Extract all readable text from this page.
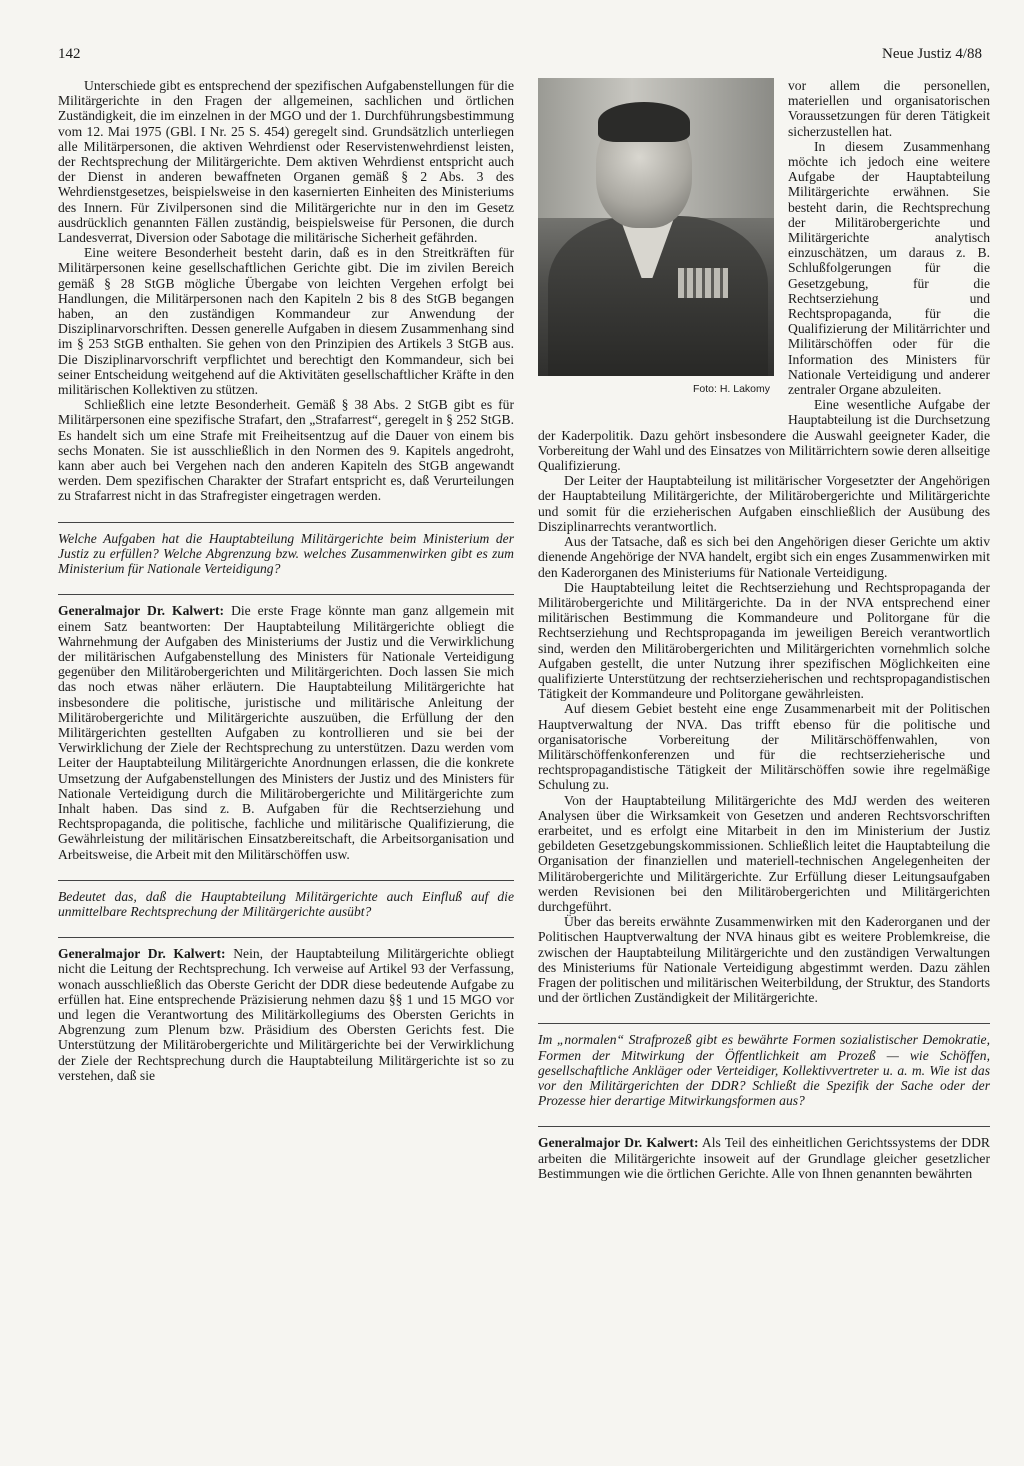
142	Neue Justiz 4/88

Unterschiede gibt es entsprechend der spezifischen Aufgabenstellungen für die Militärgerichte in den Fragen der allgemeinen, sachlichen und örtlichen Zuständigkeit, die im einzelnen in der MGO und der 1. Durchführungsbestimmung vom 12. Mai 1975 (GBl. I Nr. 25 S. 454) geregelt sind. Grundsätzlich unterliegen alle Militärpersonen, die aktiven Wehrdienst oder Reservistenwehrdienst leisten, der Rechtsprechung der Militärgerichte. Dem aktiven Wehrdienst entspricht auch der Dienst in anderen bewaffneten Organen gemäß § 2 Abs. 3 des Wehrdienstgesetzes, beispielsweise in den kasernierten Einheiten des Ministeriums des Innern. Für Zivilpersonen sind die Militärgerichte nur in den im Gesetz ausdrücklich genannten Fällen zuständig, beispielsweise für Personen, die durch Landesverrat, Diversion oder Sabotage die militärische Sicherheit gefährden.

Eine weitere Besonderheit besteht darin, daß es in den Streitkräften für Militärpersonen keine gesellschaftlichen Gerichte gibt. Die im zivilen Bereich gemäß § 28 StGB mögliche Übergabe von leichten Vergehen erfolgt bei Handlungen, die Militärpersonen nach den Kapiteln 2 bis 8 des StGB begangen haben, an den zuständigen Kommandeur zur Anwendung der Disziplinarvorschriften. Dessen generelle Aufgaben in diesem Zusammenhang sind im § 253 StGB enthalten. Sie gehen von den Prinzipien des Artikels 3 StGB aus. Die Disziplinarvorschrift verpflichtet und berechtigt den Kommandeur, sich bei seiner Entscheidung weitgehend auf die Aktivitäten gesellschaftlicher Kräfte in den militärischen Kollektiven zu stützen.

Schließlich eine letzte Besonderheit. Gemäß § 38 Abs. 2 StGB gibt es für Militärpersonen eine spezifische Strafart, den „Strafarrest“, geregelt in § 252 StGB. Es handelt sich um eine Strafe mit Freiheitsentzug auf die Dauer von einem bis sechs Monaten. Sie ist ausschließlich in den Normen des 9. Kapitels angedroht, kann aber auch bei Vergehen nach den anderen Kapiteln des StGB angewandt werden. Dem spezifischen Charakter der Strafart entspricht es, daß Verurteilungen zu Strafarrest nicht in das Strafregister eingetragen werden.

Welche Aufgaben hat die Hauptabteilung Militärgerichte beim Ministerium der Justiz zu erfüllen? Welche Abgrenzung bzw. welches Zusammenwirken gibt es zum Ministerium für Nationale Verteidigung?

Generalmajor Dr. Kalwert: Die erste Frage könnte man ganz allgemein mit einem Satz beantworten: Der Hauptabteilung Militärgerichte obliegt die Wahrnehmung der Aufgaben des Ministeriums der Justiz und die Verwirklichung der militärischen Aufgabenstellung des Ministers für Nationale Verteidigung gegenüber den Militärobergerichten und Militärgerichten. Doch lassen Sie mich das noch etwas näher erläutern. Die Hauptabteilung Militärgerichte hat insbesondere die politische, juristische und militärische Anleitung der Militärobergerichte und Militärgerichte auszuüben, die Erfüllung der den Militärgerichten gestellten Aufgaben zu kontrollieren und sie bei der Verwirklichung der Ziele der Rechtsprechung zu unterstützen. Dazu werden vom Leiter der Hauptabteilung Militärgerichte Anordnungen erlassen, die die konkrete Umsetzung der Aufgabenstellungen des Ministers der Justiz und des Ministers für Nationale Verteidigung durch die Militärobergerichte und Militärgerichte zum Inhalt haben. Das sind z. B. Aufgaben für die Rechtserziehung und Rechtspropaganda, die politische, fachliche und militärische Qualifizierung, die Gewährleistung der militärischen Einsatzbereitschaft, die Arbeitsorganisation und Arbeitsweise, die Arbeit mit den Militärschöffen usw.

Bedeutet das, daß die Hauptabteilung Militärgerichte auch Einfluß auf die unmittelbare Rechtsprechung der Militärgerichte ausübt?

Generalmajor Dr. Kalwert: Nein, der Hauptabteilung Militärgerichte obliegt nicht die Leitung der Rechtsprechung. Ich verweise auf Artikel 93 der Verfassung, wonach ausschließlich das Oberste Gericht der DDR diese bedeutende Aufgabe zu erfüllen hat. Eine entsprechende Präzisierung nehmen dazu §§ 1 und 15 MGO vor und legen die Verantwortung des Militärkollegiums des Obersten Gerichts in Abgrenzung zum Plenum bzw. Präsidium des Obersten Gerichts fest. Die Unterstützung der Militärobergerichte und Militärgerichte bei der Verwirklichung der Ziele der Rechtsprechung durch die Hauptabteilung Militärgerichte ist so zu verstehen, daß sie

Foto: H. Lakomy

vor allem die personellen, materiellen und organisatorischen Voraussetzungen für deren Tätigkeit sicherzustellen hat.

In diesem Zusammenhang möchte ich jedoch eine weitere Aufgabe der Hauptabteilung Militärgerichte erwähnen. Sie besteht darin, die Rechtsprechung der Militärobergerichte und Militärgerichte analytisch einzuschätzen, um daraus z. B. Schlußfolgerungen für die Gesetzgebung, für die Rechtserziehung und Rechtspropaganda, für die Qualifizierung der Militärrichter und Militärschöffen oder für die Information des Ministers für Nationale Verteidigung und anderer zentraler Organe abzuleiten.

Eine wesentliche Aufgabe der Hauptabteilung ist die Durchsetzung der Kaderpolitik. Dazu gehört insbesondere die Auswahl geeigneter Kader, die Vorbereitung der Wahl und des Einsatzes von Militärrichtern sowie deren allseitige Qualifizierung.

Der Leiter der Hauptabteilung ist militärischer Vorgesetzter der Angehörigen der Hauptabteilung Militärgerichte, der Militärobergerichte und Militärgerichte und somit für die erzieherischen Aufgaben einschließlich der Ausübung des Disziplinarrechts verantwortlich.

Aus der Tatsache, daß es sich bei den Angehörigen dieser Gerichte um aktiv dienende Angehörige der NVA handelt, ergibt sich ein enges Zusammenwirken mit den Kaderorganen des Ministeriums für Nationale Verteidigung.

Die Hauptabteilung leitet die Rechtserziehung und Rechtspropaganda der Militärobergerichte und Militärgerichte. Da in der NVA entsprechend einer militärischen Bestimmung die Kommandeure und Politorgane für die Rechtserziehung und Rechtspropaganda im jeweiligen Bereich verantwortlich sind, werden den Militärobergerichten und Militärgerichten vornehmlich solche Aufgaben gestellt, die unter Nutzung ihrer spezifischen Möglichkeiten eine qualifizierte Unterstützung der rechtserzieherischen und rechtspropagandistischen Tätigkeit der Kommandeure und Politorgane gewährleisten.

Auf diesem Gebiet besteht eine enge Zusammenarbeit mit der Politischen Hauptverwaltung der NVA. Das trifft ebenso für die politische und organisatorische Vorbereitung der Militärschöffenwahlen, von Militärschöffenkonferenzen und für die rechtserzieherische und rechtspropagandistische Tätigkeit der Militärschöffen sowie ihre regelmäßige Schulung zu.

Von der Hauptabteilung Militärgerichte des MdJ werden des weiteren Analysen über die Wirksamkeit von Gesetzen und anderen Rechtsvorschriften erarbeitet, und es erfolgt eine Mitarbeit in den im Ministerium der Justiz gebildeten Gesetzgebungskommissionen. Schließlich leitet die Hauptabteilung die Organisation der finanziellen und materiell-technischen Angelegenheiten der Militärobergerichte und Militärgerichte. Zur Erfüllung dieser Leitungsaufgaben werden Revisionen bei den Militärobergerichten und Militärgerichten durchgeführt.

Über das bereits erwähnte Zusammenwirken mit den Kaderorganen und der Politischen Hauptverwaltung der NVA hinaus gibt es weitere Problemkreise, die zwischen der Hauptabteilung Militärgerichte und den zuständigen Verwaltungen des Ministeriums für Nationale Verteidigung abgestimmt werden. Dazu zählen Fragen der politischen und militärischen Weiterbildung, der Struktur, des Standorts und der örtlichen Zuständigkeit der Militärgerichte.

Im „normalen“ Strafprozeß gibt es bewährte Formen sozialistischer Demokratie, Formen der Mitwirkung der Öffentlichkeit am Prozeß — wie Schöffen, gesellschaftliche Ankläger oder Verteidiger, Kollektivvertreter u. a. m. Wie ist das vor den Militärgerichten der DDR? Schließt die Spezifik der Sache oder der Prozesse hier derartige Mitwirkungsformen aus?

Generalmajor Dr. Kalwert: Als Teil des einheitlichen Gerichtssystems der DDR arbeiten die Militärgerichte insoweit auf der Grundlage gleicher gesetzlicher Bestimmungen wie die örtlichen Gerichte. Alle von Ihnen genannten bewährten
